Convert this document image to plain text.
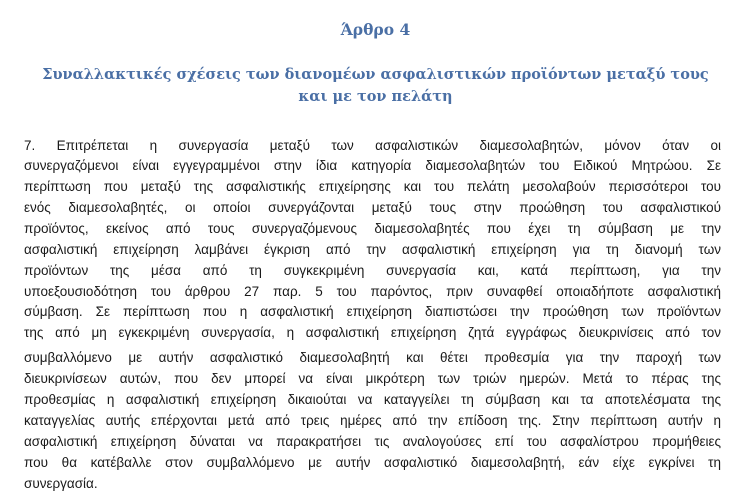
Άρθρο 4
Συναλλακτικές σχέσεις των διανομέων ασφαλιστικών προϊόντων μεταξύ τους
και με τον πελάτη
7. Επιτρέπεται η συνεργασία μεταξύ των ασφαλιστικών διαμεσολαβητών, μόνον όταν οι
συνεργαζόμενοι είναι εγγεγραμμένοι στην ίδια κατηγορία διαμεσολαβητών του Ειδικού Μητρώου. Σε
περίπτωση που μεταξύ της ασφαλιστικής επιχείρησης και του πελάτη μεσολαβούν περισσότεροι του
ενός διαμεσολαβητές, οι οποίοι συνεργάζονται μεταξύ τους στην προώθηση του ασφαλιστικού
προϊόντος, εκείνος από τους συνεργαζόμενους διαμεσολαβητές που έχει τη σύμβαση με την
ασφαλιστική επιχείρηση λαμβάνει έγκριση από την ασφαλιστική επιχείρηση για τη διανομή των
προϊόντων της μέσα από τη συγκεκριμένη συνεργασία και, κατά περίπτωση, για την
υποεξουσιοδότηση του άρθρου 27 παρ. 5 του παρόντος, πριν συναφθεί οποιαδήποτε ασφαλιστική
σύμβαση. Σε περίπτωση που η ασφαλιστική επιχείρηση διαπιστώσει την προώθηση των προϊόντων
της από μη εγκεκριμένη συνεργασία, η ασφαλιστική επιχείρηση ζητά εγγράφως διευκρινίσεις από τον
συμβαλλόμενο με αυτήν ασφαλιστικό διαμεσολαβητή και θέτει προθεσμία για την παροχή των
διευκρινίσεων αυτών, που δεν μπορεί να είναι μικρότερη των τριών ημερών. Μετά το πέρας της
προθεσμίας η ασφαλιστική επιχείρηση δικαιούται να καταγγείλει τη σύμβαση και τα αποτελέσματα της
καταγγελίας αυτής επέρχονται μετά από τρεις ημέρες από την επίδοση της. Στην περίπτωση αυτήν η
ασφαλιστική επιχείρηση δύναται να παρακρατήσει τις αναλογούσες επί του ασφαλίστρου προμήθειες
που θα κατέβαλλε στον συμβαλλόμενο με αυτήν ασφαλιστικό διαμεσολαβητή, εάν είχε εγκρίνει τη
συνεργασία.
